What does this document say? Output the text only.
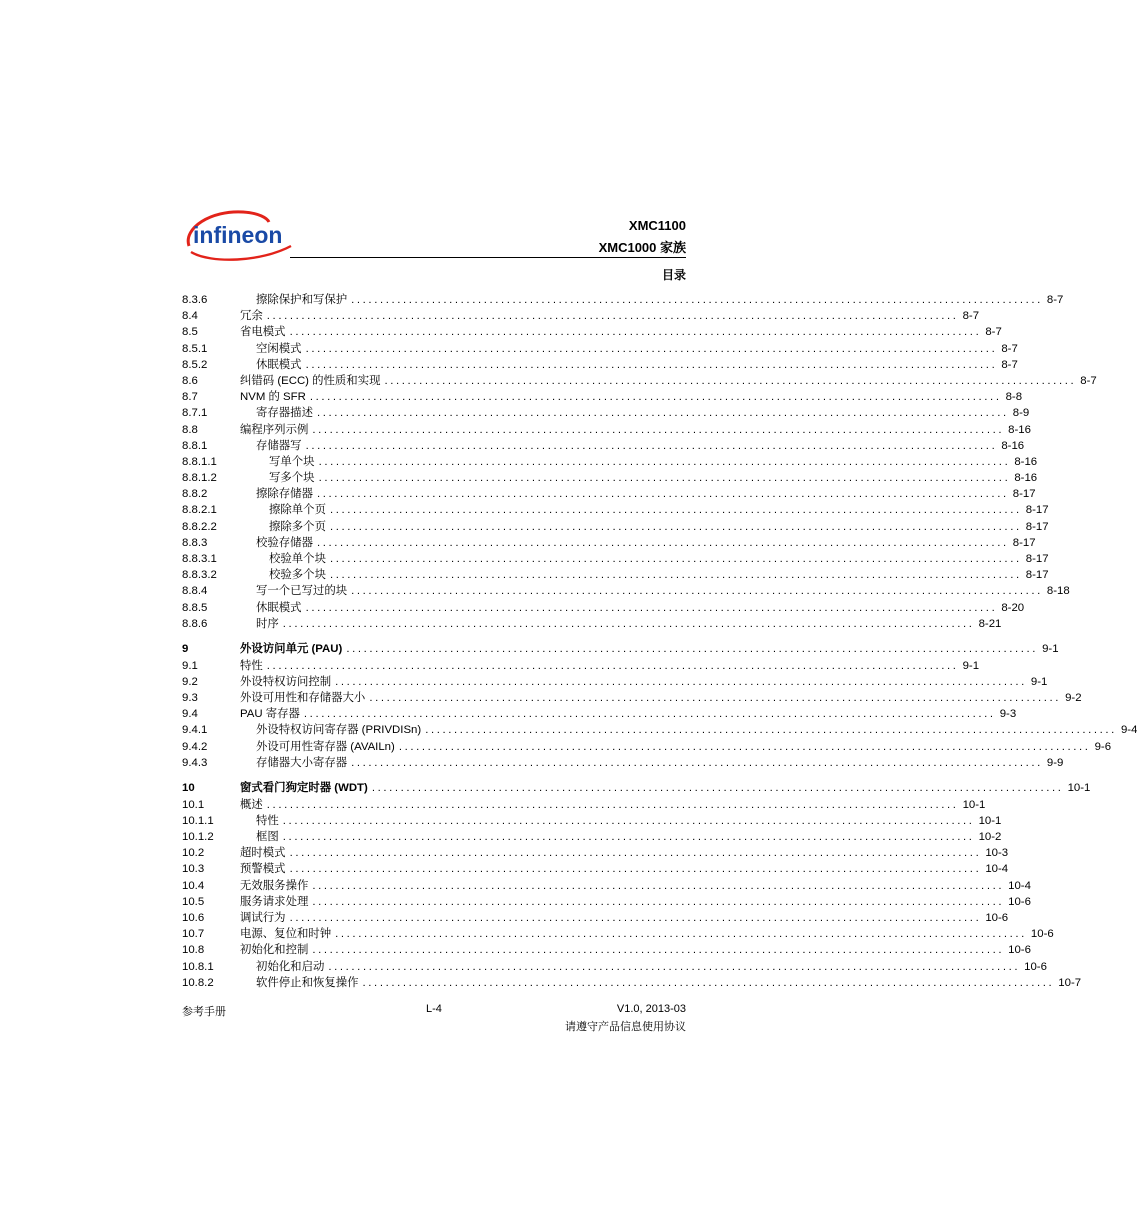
infineon	XMC1100
XMC1000 家族
目录
8.3.6	擦除保护和写保护 ........................................................................................................................ 8-7
8.4	冗余 ........................................................................................................................ 8-7
8.5	省电模式 ........................................................................................................................ 8-7
8.5.1	空闲模式 ........................................................................................................................ 8-7
8.5.2	休眠模式 ........................................................................................................................ 8-7
8.6	纠错码 (ECC) 的性质和实现 ........................................................................................................................ 8-7
8.7	NVM 的 SFR ........................................................................................................................ 8-8
8.7.1	寄存器描述 ........................................................................................................................ 8-9
8.8	编程序列示例 ........................................................................................................................ 8-16
8.8.1	存储器写 ........................................................................................................................ 8-16
8.8.1.1	写单个块 ........................................................................................................................ 8-16
8.8.1.2	写多个块 ........................................................................................................................ 8-16
8.8.2	擦除存储器 ........................................................................................................................ 8-17
8.8.2.1	擦除单个页 ........................................................................................................................ 8-17
8.8.2.2	擦除多个页 ........................................................................................................................ 8-17
8.8.3	校验存储器 ........................................................................................................................ 8-17
8.8.3.1	校验单个块 ........................................................................................................................ 8-17
8.8.3.2	校验多个块 ........................................................................................................................ 8-17
8.8.4	写一个已写过的块 ........................................................................................................................ 8-18
8.8.5	休眠模式 ........................................................................................................................ 8-20
8.8.6	时序 ........................................................................................................................ 8-21
9	外设访问单元 (PAU) ........................................................................................................................ 9-1
9.1	特性 ........................................................................................................................ 9-1
9.2	外设特权访问控制 ........................................................................................................................ 9-1
9.3	外设可用性和存储器大小 ........................................................................................................................ 9-2
9.4	PAU 寄存器 ........................................................................................................................ 9-3
9.4.1	外设特权访问寄存器 (PRIVDISn) ........................................................................................................................ 9-4
9.4.2	外设可用性寄存器 (AVAILn) ........................................................................................................................ 9-6
9.4.3	存储器大小寄存器 ........................................................................................................................ 9-9
10	窗式看门狗定时器 (WDT) ........................................................................................................................ 10-1
10.1	概述 ........................................................................................................................ 10-1
10.1.1	特性 ........................................................................................................................ 10-1
10.1.2	框图 ........................................................................................................................ 10-2
10.2	超时模式 ........................................................................................................................ 10-3
10.3	预警模式 ........................................................................................................................ 10-4
10.4	无效服务操作 ........................................................................................................................ 10-4
10.5	服务请求处理 ........................................................................................................................ 10-6
10.6	调试行为 ........................................................................................................................ 10-6
10.7	电源、复位和时钟 ........................................................................................................................ 10-6
10.8	初始化和控制 ........................................................................................................................ 10-6
10.8.1	初始化和启动 ........................................................................................................................ 10-6
10.8.2	软件停止和恢复操作 ........................................................................................................................ 10-7
参考手册	L-4	V1.0, 2013-03
请遵守产品信息使用协议
